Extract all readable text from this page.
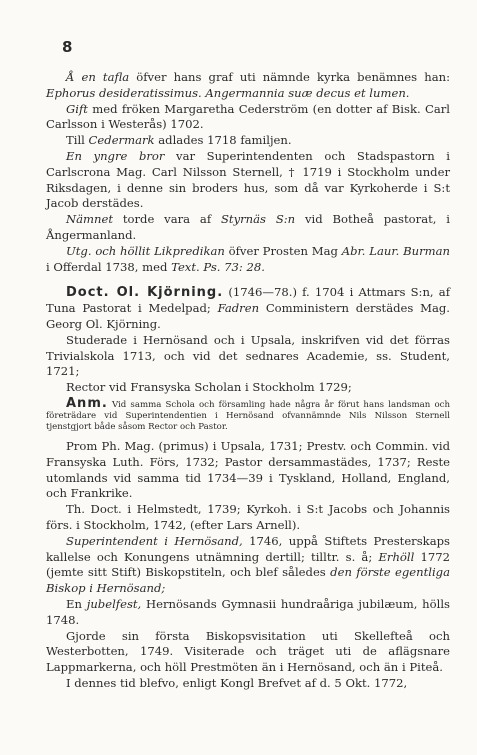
8

Å en tafla öfver hans graf uti nämnde kyrka benämnes han: Ephorus desideratissimus. Angermannia suæ decus et lumen.

Gift med fröken Margaretha Cederström (en dotter af Bisk. Carl Carlsson i Westerås) 1702.

Till Cedermark adlades 1718 familjen.

En yngre bror var Superintendenten och Stadspastorn i Carlscrona Mag. Carl Nilsson Sternell, † 1719 i Stockholm under Riksdagen, i denne sin broders hus, som då var Kyrkoherde i S:t Jacob derstädes.

Nämnet torde vara af Styrnäs S:n vid Botheå pastorat, i Ångermanland.

Utg. och höllit Likpredikan öfver Prosten Mag Abr. Laur. Burman i Offerdal 1738, med Text. Ps. 73: 28.

Doct. Ol. Kjörning. (1746—78.) f. 1704 i Attmars S:n, af Tuna Pastorat i Medelpad; Fadren Comministern derstädes Mag. Georg Ol. Kjörning.

Studerade i Hernösand och i Upsala, inskrifven vid det förras Trivialskola 1713, och vid det sednares Academie, ss. Student, 1721;

Rector vid Fransyska Scholan i Stockholm 1729;

Anm. Vid samma Schola och församling hade några år förut hans landsman och företrädare vid Superintendentien i Hernösand ofvannämnde Nils Nilsson Sternell tjenstgjort både såsom Rector och Pastor.

Prom Ph. Mag. (primus) i Upsala, 1731; Prestv. och Commin. vid Fransyska Luth. Förs, 1732; Pastor dersammastädes, 1737; Reste utomlands vid samma tid 1734—39 i Tyskland, Holland, England, och Frankrike.

Th. Doct. i Helmstedt, 1739; Kyrkoh. i S:t Jacobs och Johannis förs. i Stockholm, 1742, (efter Lars Arnell).

Superintendent i Hernösand, 1746, uppå Stiftets Presterskaps kallelse och Konungens utnämning dertill; tilltr. s. å; Erhöll 1772 (jemte sitt Stift) Biskopstiteln, och blef således den förste egentliga Biskop i Hernösand;

En jubelfest, Hernösands Gymnasii hundraåriga jubilæum, hölls 1748.

Gjorde sin första Biskopsvisitation uti Skellefteå och Westerbotten, 1749. Visiterade och träget uti de aflägsnare Lappmarkerna, och höll Prestmöten än i Hernösand, och än i Piteå.

I dennes tid blefvo, enligt Kongl Brefvet af d. 5 Okt. 1772,
